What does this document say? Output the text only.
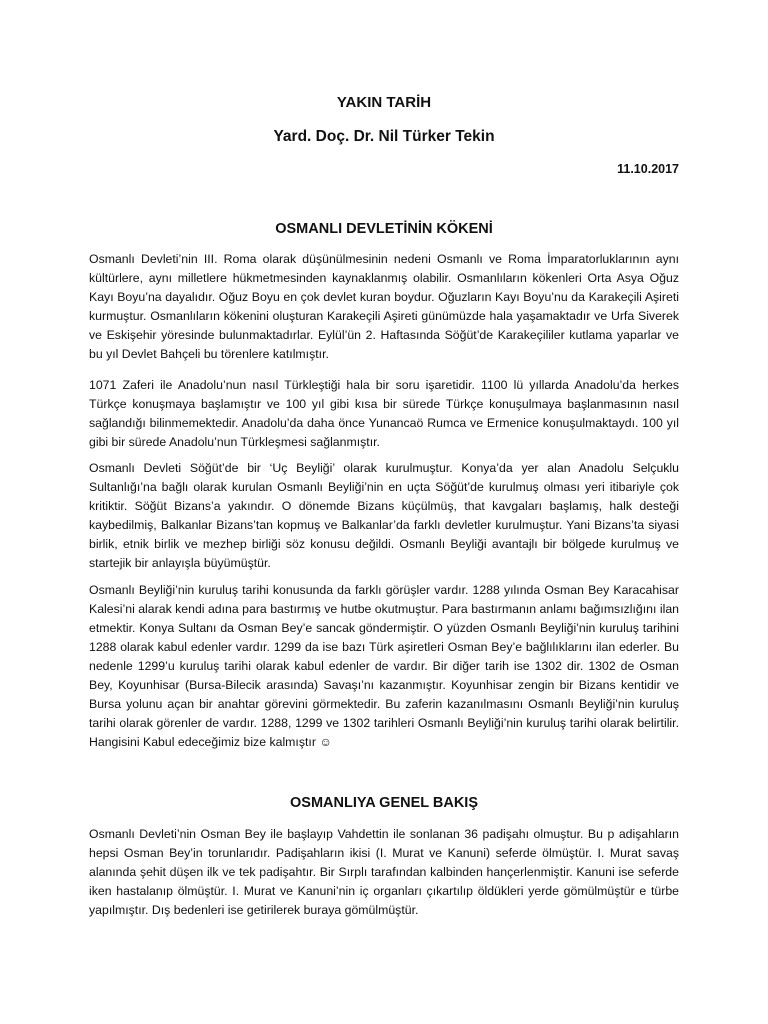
YAKIN TARİH
Yard. Doç. Dr. Nil Türker Tekin

11.10.2017

OSMANLI DEVLETİNİN KÖKENİ

Osmanlı Devleti’nin III. Roma olarak düşünülmesinin nedeni Osmanlı ve Roma İmparatorluklarının aynı kültürlere, aynı milletlere hükmetmesinden kaynaklanmış olabilir. Osmanlıların kökenleri Orta Asya Oğuz Kayı Boyu’na dayalıdır. Oğuz Boyu en çok devlet kuran boydur. Oğuzların Kayı Boyu’nu da Karakeçili Aşireti kurmuştur. Osmanlıların kökenini oluşturan Karakeçili Aşireti günümüzde hala yaşamaktadır ve Urfa Siverek ve Eskişehir yöresinde bulunmaktadırlar. Eylül’ün 2. Haftasında Söğüt’de Karakeçililer kutlama yaparlar ve bu yıl Devlet Bahçeli bu törenlere katılmıştır.

1071 Zaferi ile Anadolu’nun nasıl Türkleştiği hala bir soru işaretidir. 1100 lü yıllarda Anadolu’da herkes Türkçe konuşmaya başlamıştır ve 100 yıl gibi kısa bir sürede Türkçe konuşulmaya başlanmasının nasıl sağlandığı bilinmemektedir. Anadolu’da daha önce Yunancaö Rumca ve Ermenice konuşulmaktaydı. 100 yıl gibi bir sürede Anadolu’nun Türkleşmesi sağlanmıştır.

Osmanlı Devleti Söğüt’de bir ‘Uç Beyliği’ olarak kurulmuştur. Konya’da yer alan Anadolu Selçuklu Sultanlığı’na bağlı olarak kurulan Osmanlı Beyliği’nin en uçta Söğüt’de kurulmuş olması yeri itibariyle çok kritiktir. Söğüt Bizans’a yakındır. O dönemde Bizans küçülmüş, that kavgaları başlamış, halk desteği kaybedilmiş, Balkanlar Bizans’tan kopmuş ve Balkanlar’da farklı devletler kurulmuştur. Yani Bizans’ta siyasi birlik, etnik birlik ve mezhep birliği söz konusu değildi. Osmanlı Beyliği avantajlı bir bölgede kurulmuş ve startejik bir anlayışla büyümüştür.

Osmanlı Beyliği’nin kuruluş tarihi konusunda da farklı görüşler vardır. 1288 yılında Osman Bey Karacahisar Kalesi’ni alarak kendi adına para bastırmış ve hutbe okutmuştur. Para bastırmanın anlamı bağımsızlığını ilan etmektir. Konya Sultanı da Osman Bey’e sancak göndermiştir. O yüzden Osmanlı Beyliği’nin kuruluş tarihini 1288 olarak kabul edenler vardır. 1299 da ise bazı Türk aşiretleri Osman Bey’e bağlılıklarını ilan ederler. Bu nedenle 1299’u kuruluş tarihi olarak kabul edenler de vardır. Bir diğer tarih ise 1302 dir. 1302 de Osman Bey, Koyunhisar (Bursa-Bilecik arasında) Savaşı’nı kazanmıştır. Koyunhisar zengin bir Bizans kentidir ve Bursa yolunu açan bir anahtar görevini görmektedir. Bu zaferin kazanılmasını Osmanlı Beyliği’nin kuruluş tarihi olarak görenler de vardır. 1288, 1299 ve 1302 tarihleri Osmanlı Beyliği’nin kuruluş tarihi olarak belirtilir. Hangisini Kabul edeceğimiz bize kalmıştır ☺

OSMANLIYA GENEL BAKIŞ

Osmanlı Devleti’nin Osman Bey ile başlayıp Vahdettin ile sonlanan 36 padişahı olmuştur. Bu p adişahların hepsi Osman Bey’in torunlarıdır. Padişahların ikisi (I. Murat ve Kanuni) seferde ölmüştür. I. Murat savaş alanında şehit düşen ilk ve tek padişahtır. Bir Sırplı tarafından kalbinden hançerlenmiştir. Kanuni ise seferde iken hastalanıp ölmüştür. I. Murat ve Kanuni’nin iç organları çıkartılıp öldükleri yerde gömülmüştür e türbe yapılmıştır. Dış bedenleri ise getirilerek buraya gömülmüştür.
